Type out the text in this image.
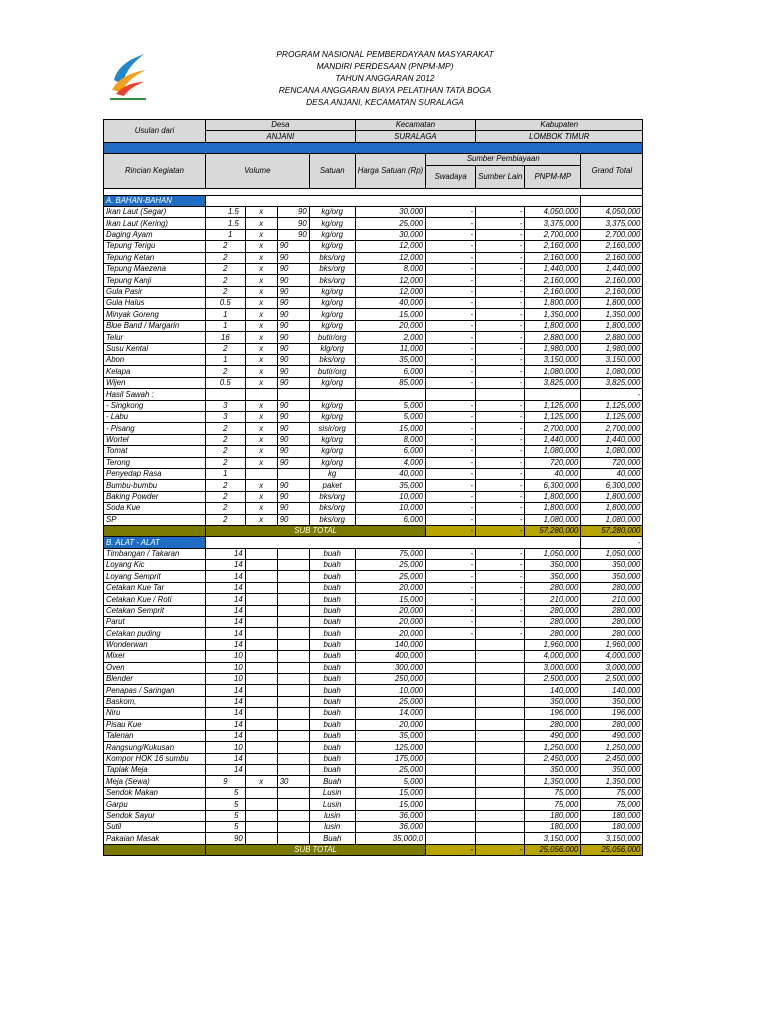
PROGRAM NASIONAL PEMBERDAYAAN MASYARAKAT
MANDIRI PERDESAAN (PNPM-MP)
TAHUN ANGGARAN 2012
RENCANA ANGGARAN BIAYA PELATIHAN TATA BOGA
DESA ANJANI, KECAMATAN SURALAGA
Usulan dari	Desa				Kecamatan		Kabupaten		
	ANJANI				SURALAGA		LOMBOK TIMUR		

Rincian Kegiatan	Volume			Satuan	Harga Satuan (Rp)	Sumber Pembiayaan			Grand Total
						Swadaya	Sumber Lain	PNPM-MP	

A. BAHAN-BAHAN									
Ikan Laut (Segar)	1.5	x	90	kg/org	30,000	-	-	4,050,000	4,050,000
Ikan Laut (Kering)	1.5	x	90	kg/org	25,000	-	-	3,375,000	3,375,000
Daging Ayam	1	x	90	kg/org	30,000	-	-	2,700,000	2,700,000
Tepung Terigu	2	x	90	kg/org	12,000	-	-	2,160,000	2,160,000
Tepung Ketan	2	x	90	bks/org	12,000	-	-	2,160,000	2,160,000
Tepung Maezena	2	x	90	bks/org	8,000	-	-	1,440,000	1,440,000
Tepung Kanji	2	x	90	bks/org	12,000	-	-	2,160,000	2,160,000
Gula Pasir	2	x	90	kg/org	12,000	-	-	2,160,000	2,160,000
Gula Halus	0.5	x	90	kg/org	40,000	-	-	1,800,000	1,800,000
Minyak Goreng	1	x	90	kg/org	15,000	-	-	1,350,000	1,350,000
Blue Band / Margarin	1	x	90	kg/org	20,000	-	-	1,800,000	1,800,000
Telur	16	x	90	butir/org	2,000	-	-	2,880,000	2,880,000
Susu Kental	2	x	90	klg/org	11,000	-	-	1,980,000	1,980,000
Abon	1	x	90	bks/org	35,000	-	-	3,150,000	3,150,000
Kelapa	2	x	90	butir/org	6,000	-	-	1,080,000	1,080,000
Wijen	0.5	x	90	kg/org	85,000	-	-	3,825,000	3,825,000
Hasil Sawah :									-
- Singkong	3	x	90	kg/org	5,000	-	-	1,125,000	1,125,000
- Labu	3	x	90	kg/org	5,000	-	-	1,125,000	1,125,000
- Pisang	2	x	90	sisir/org	15,000	-	-	2,700,000	2,700,000
Wortel	2	x	90	kg/org	8,000	-	-	1,440,000	1,440,000
Tomat	2	x	90	kg/org	6,000	-	-	1,080,000	1,080,000
Terong	2	x	90	kg/org	4,000	-	-	720,000	720,000
Penyedap Rasa	1			kg	40,000	-	-	40,000	40,000
Bumbu-bumbu	2	x	90	paket	35,000	-	-	6,300,000	6,300,000
Baking Powder	2	x	90	bks/org	10,000	-	-	1,800,000	1,800,000
Soda Kue	2	x	90	bks/org	10,000	-	-	1,800,000	1,800,000
SP	2	x	90	bks/org	6,000	-	-	1,080,000	1,080,000
	SUB TOTAL					-	-	57,280,000	57,280,000
B. ALAT - ALAT									-
Timbangan / Takaran	14			buah	75,000	-	-	1,050,000	1,050,000
Loyang Kic	14			buah	25,000	-	-	350,000	350,000
Loyang Semprit	14			buah	25,000	-	-	350,000	350,000
Cetakan Kue Tar	14			buah	20,000	-	-	280,000	280,000
Cetakan Kue / Roti	14			buah	15,000	-	-	210,000	210,000
Cetakan Semprit	14			buah	20,000	-	-	280,000	280,000
Parut	14			buah	20,000	-	-	280,000	280,000
Cetakan puding	14			buah	20,000	-	-	280,000	280,000
Wonderwan	14			buah	140,000			1,960,000	1,960,000
Mixer	10			buah	400,000			4,000,000	4,000,000
Oven	10			buah	300,000			3,000,000	3,000,000
Blender	10			buah	250,000			2,500,000	2,500,000
Penapas / Saringan	14			buah	10,000			140,000	140,000
Baskom,	14			buah	25,000			350,000	350,000
Niru	14			buah	14,000			196,000	196,000
Pisau Kue	14			buah	20,000			280,000	280,000
Talenan	14			buah	35,000			490,000	490,000
Rangsung/Kukusan	10			buah	125,000			1,250,000	1,250,000
Kompor HOK 16 sumbu	14			buah	175,000			2,450,000	2,450,000
Taplak Meja	14			buah	25,000			350,000	350,000
Meja (Sewa)	9	x	30	Buah	5,000			1,350,000	1,350,000
Sendok Makan	5			Lusin	15,000			75,000	75,000
Garpu	5			Lusin	15,000			75,000	75,000
Sendok Sayur	5			lusin	36,000			180,000	180,000
Sutil	5			lusin	36,000			180,000	180,000
Pakaian Masak	90			Buah	35,000.0			3,150,000	3,150,000
	SUB TOTAL					-	-	25,056,000	25,056,000
